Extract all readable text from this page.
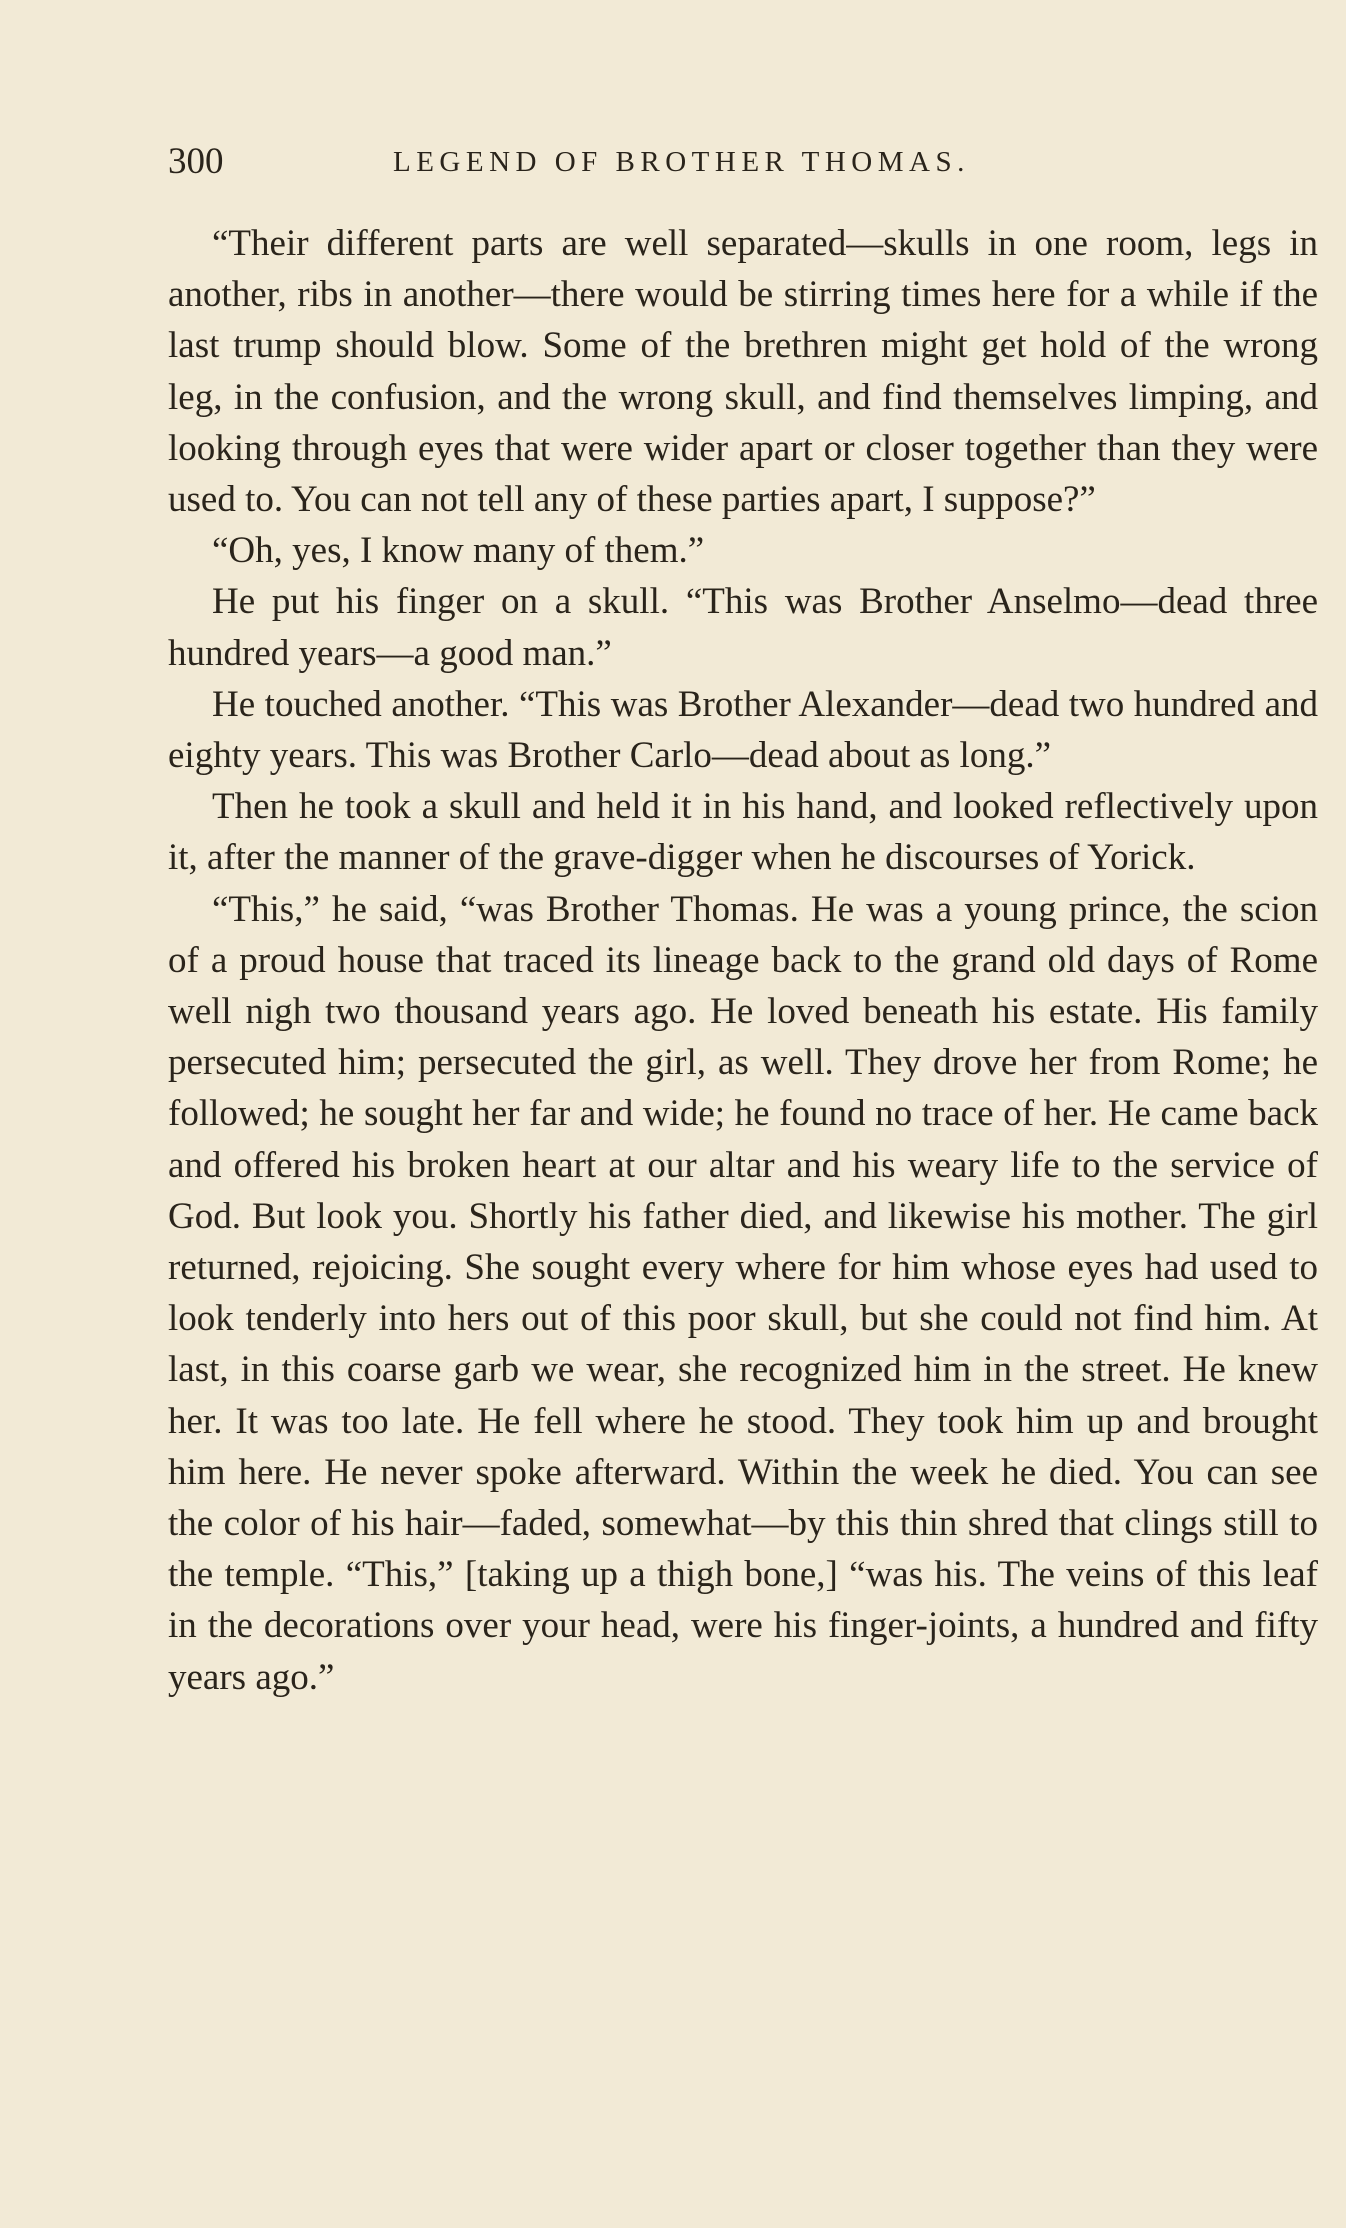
300	LEGEND OF BROTHER THOMAS.

“Their different parts are well separated—skulls in one room, legs in another, ribs in another—there would be stirring times here for a while if the last trump should blow. Some of the brethren might get hold of the wrong leg, in the confusion, and the wrong skull, and find themselves limping, and looking through eyes that were wider apart or closer together than they were used to. You can not tell any of these parties apart, I suppose?”

“Oh, yes, I know many of them.”

He put his finger on a skull. “This was Brother Anselmo—dead three hundred years—a good man.”

He touched another. “This was Brother Alexander—dead two hundred and eighty years. This was Brother Carlo—dead about as long.”

Then he took a skull and held it in his hand, and looked reflectively upon it, after the manner of the grave-digger when he discourses of Yorick.

“This,” he said, “was Brother Thomas. He was a young prince, the scion of a proud house that traced its lineage back to the grand old days of Rome well nigh two thousand years ago. He loved beneath his estate. His family persecuted him; persecuted the girl, as well. They drove her from Rome; he followed; he sought her far and wide; he found no trace of her. He came back and offered his broken heart at our altar and his weary life to the service of God. But look you. Shortly his father died, and likewise his mother. The girl returned, rejoicing. She sought every where for him whose eyes had used to look tenderly into hers out of this poor skull, but she could not find him. At last, in this coarse garb we wear, she recognized him in the street. He knew her. It was too late. He fell where he stood. They took him up and brought him here. He never spoke afterward. Within the week he died. You can see the color of his hair—faded, somewhat—by this thin shred that clings still to the temple. “This,” [taking up a thigh bone,] “was his. The veins of this leaf in the decorations over your head, were his finger-joints, a hundred and fifty years ago.”
